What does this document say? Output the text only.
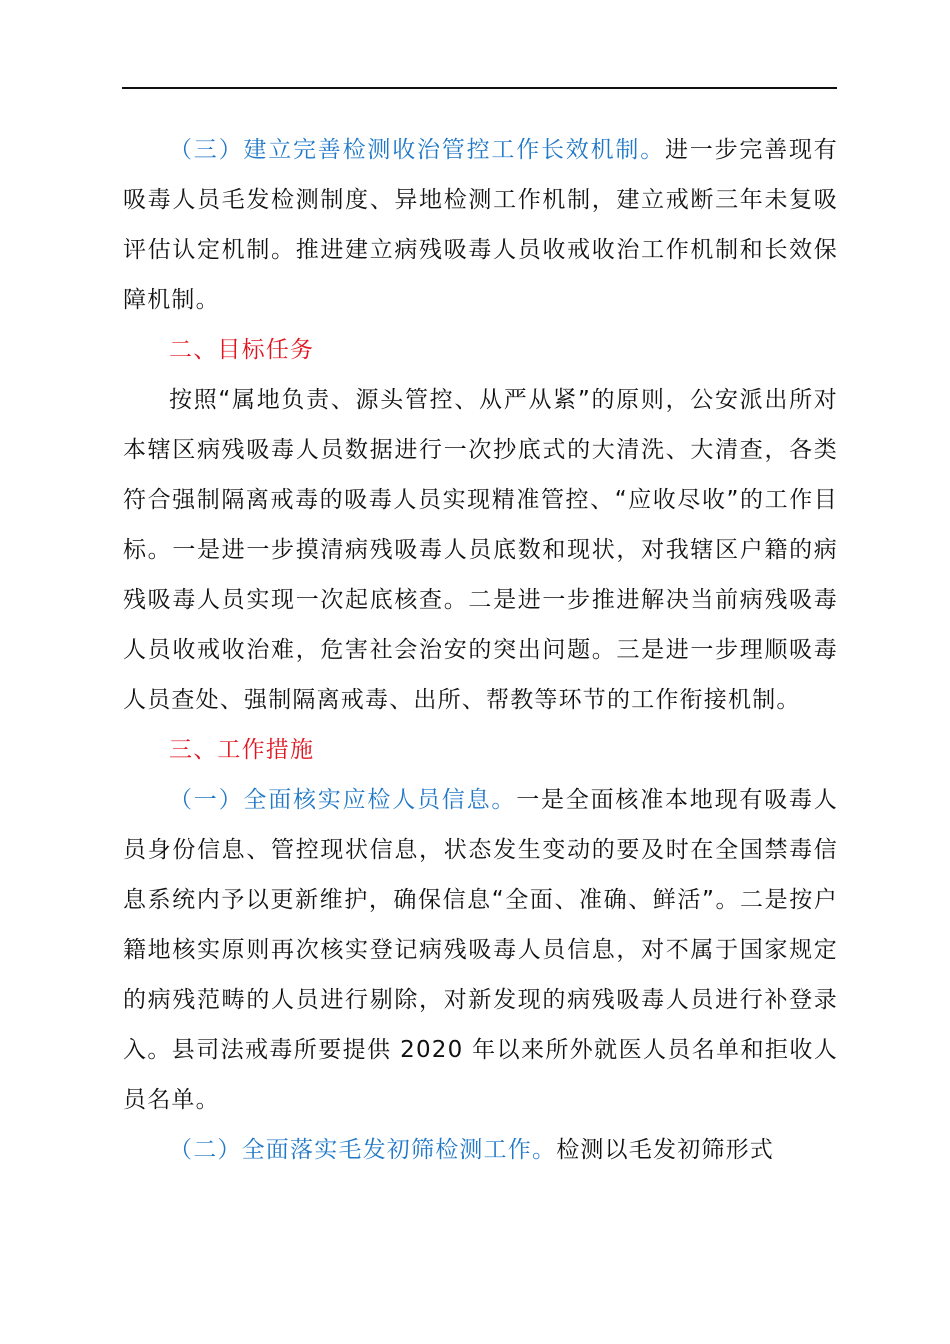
（三）建立完善检测收治管控工作长效机制。进一步完善现有吸毒人员毛发检测制度、异地检测工作机制，建立戒断三年未复吸评估认定机制。推进建立病残吸毒人员收戒收治工作机制和长效保障机制。

二、目标任务

按照“属地负责、源头管控、从严从紧”的原则，公安派出所对本辖区病残吸毒人员数据进行一次抄底式的大清洗、大清查，各类符合强制隔离戒毒的吸毒人员实现精准管控、“应收尽收”的工作目标。一是进一步摸清病残吸毒人员底数和现状，对我辖区户籍的病残吸毒人员实现一次起底核查。二是进一步推进解决当前病残吸毒人员收戒收治难，危害社会治安的突出问题。三是进一步理顺吸毒人员查处、强制隔离戒毒、出所、帮教等环节的工作衔接机制。

三、工作措施

（一）全面核实应检人员信息。一是全面核准本地现有吸毒人员身份信息、管控现状信息，状态发生变动的要及时在全国禁毒信息系统内予以更新维护，确保信息“全面、准确、鲜活”。二是按户籍地核实原则再次核实登记病残吸毒人员信息，对不属于国家规定的病残范畴的人员进行剔除，对新发现的病残吸毒人员进行补登录入。县司法戒毒所要提供 2020 年以来所外就医人员名单和拒收人员名单。

（二）全面落实毛发初筛检测工作。检测以毛发初筛形式
